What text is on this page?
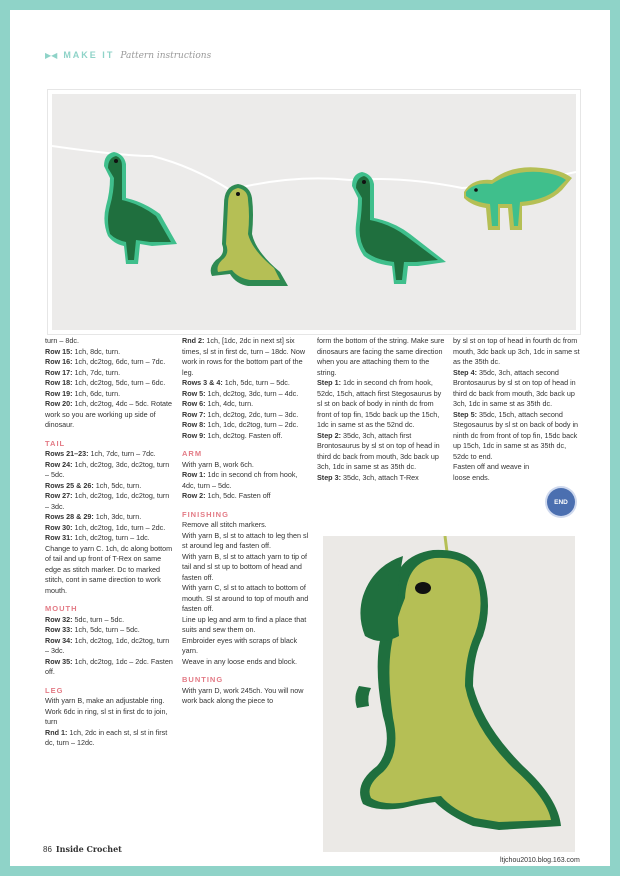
▶◀ MAKE IT Pattern instructions

turn – 8dc.

Row 15: 1ch, 8dc, turn.

Row 16: 1ch, dc2tog, 6dc, turn – 7dc.

Row 17: 1ch, 7dc, turn.

Row 18: 1ch, dc2tog, 5dc, turn – 6dc.

Row 19: 1ch, 6dc, turn.

Row 20: 1ch, dc2tog, 4dc – 5dc. Rotate work so you are working up side of dinosaur.

TAIL

Rows 21–23: 1ch, 7dc, turn – 7dc.

Row 24: 1ch, dc2tog, 3dc, dc2tog, turn – 5dc.

Rows 25 & 26: 1ch, 5dc, turn.

Row 27: 1ch, dc2tog, 1dc, dc2tog, turn – 3dc.

Rows 28 & 29: 1ch, 3dc, turn.

Row 30: 1ch, dc2tog, 1dc, turn – 2dc.

Row 31: 1ch, dc2tog, turn – 1dc. Change to yarn C. 1ch, dc along bottom of tail and up front of T-Rex on same edge as stitch marker. Dc to marked stitch, cont in same direction to work mouth.

MOUTH

Row 32: 5dc, turn – 5dc.

Row 33: 1ch, 5dc, turn – 5dc.

Row 34: 1ch, dc2tog, 1dc, dc2tog, turn – 3dc.

Row 35: 1ch, dc2tog, 1dc – 2dc. Fasten off.

LEG

With yarn B, make an adjustable ring. Work 6dc in ring, sl st in first dc to join, turn

Rnd 1: 1ch, 2dc in each st, sl st in first dc, turn – 12dc.

Rnd 2: 1ch, [1dc, 2dc in next st] six times, sl st in first dc, turn – 18dc. Now work in rows for the bottom part of the leg.

Rows 3 & 4: 1ch, 5dc, turn – 5dc.

Row 5: 1ch, dc2tog, 3dc, turn – 4dc.

Row 6: 1ch, 4dc, turn.

Row 7: 1ch, dc2tog, 2dc, turn – 3dc.

Row 8: 1ch, 1dc, dc2tog, turn – 2dc.

Row 9: 1ch, dc2tog. Fasten off.

ARM

With yarn B, work 6ch.

Row 1: 1dc in second ch from hook, 4dc, turn – 5dc.

Row 2: 1ch, 5dc. Fasten off

FINISHING

Remove all stitch markers.

With yarn B, sl st to attach to leg then sl st around leg and fasten off.

With yarn B, sl st to attach yarn to tip of tail and sl st up to bottom of head and fasten off.

With yarn C, sl st to attach to bottom of mouth. Sl st around to top of mouth and fasten off.

Line up leg and arm to find a place that suits and sew them on.

Embroider eyes with scraps of black yarn.

Weave in any loose ends and block.

BUNTING

With yarn D, work 245ch. You will now work back along the piece to

form the bottom of the string. Make sure dinosaurs are facing the same direction when you are attaching them to the string.

Step 1: 1dc in second ch from hook, 52dc, 15ch, attach first Stegosaurus by sl st on back of body in ninth dc from front of top fin, 15dc back up the 15ch, 1dc in same st as the 52nd dc.

Step 2: 35dc, 3ch, attach first Brontosaurus by sl st on top of head in third dc back from mouth, 3dc back up 3ch, 1dc in same st as 35th dc.

Step 3: 35dc, 3ch, attach T-Rex

by sl st on top of head in fourth dc from mouth, 3dc back up 3ch, 1dc in same st as the 35th dc.

Step 4: 35dc, 3ch, attach second Brontosaurus by sl st on top of head in third dc back from mouth, 3dc back up 3ch, 1dc in same st as 35th dc.

Step 5: 35dc, 15ch, attach second Stegosaurus by sl st on back of body in ninth dc from front of top fin, 15dc back up 15ch, 1dc in same st as 35th dc, 52dc to end.

Fasten off and weave in loose ends.

END
86 Inside Crochet
ltjchou2010.blog.163.com
